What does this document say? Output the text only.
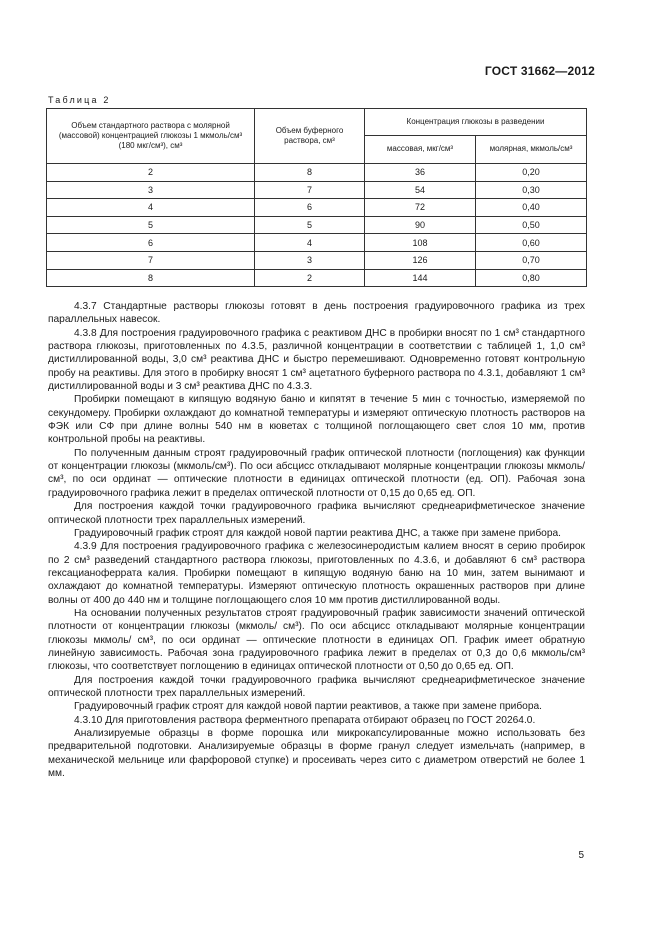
ГОСТ 31662—2012
Таблица 2
Объем стандартного раствора с молярной (массовой) концентрацией глюкозы 1 мкмоль/см³ (180 мкг/см³), см³	Объем буферного раствора, см³	Концентрация глюкозы в разведении	
		массовая, мкг/см³	молярная, мкмоль/см³
2	8	36	0,20
3	7	54	0,30
4	6	72	0,40
5	5	90	0,50
6	4	108	0,60
7	3	126	0,70
8	2	144	0,80

4.3.7 Стандартные растворы глюкозы готовят в день построения градуировочного графика из трех параллельных навесок.

4.3.8 Для построения градуировочного графика с реактивом ДНС в пробирки вносят по 1 см³ стандартного раствора глюкозы, приготовленных по 4.3.5, различной концентрации в соответствии с таблицей 1, 1,0 см³ дистиллированной воды, 3,0 см³ реактива ДНС и быстро перемешивают. Одновременно готовят контрольную пробу на реактивы. Для этого в пробирку вносят 1 см³ ацетатного буферного раствора по 4.3.1, добавляют 1 см³ дистиллированной воды и 3 см³ реактива ДНС по 4.3.3.

Пробирки помещают в кипящую водяную баню и кипятят в течение 5 мин с точностью, измеряемой по секундомеру. Пробирки охлаждают до комнатной температуры и измеряют оптическую плотность растворов на ФЭК или СФ при длине волны 540 нм в кюветах с толщиной поглощающего свет слоя 10 мм, против контрольной пробы на реактивы.

По полученным данным строят градуировочный график оптической плотности (поглощения) как функции от концентрации глюкозы (мкмоль/см³). По оси абсцисс откладывают молярные концентрации глюкозы мкмоль/см³, по оси ординат — оптические плотности в единицах оптической плотности (ед. ОП). Рабочая зона градуировочного графика лежит в пределах оптической плотности от 0,15 до 0,65 ед. ОП.

Для построения каждой точки градуировочного графика вычисляют среднеарифметическое значение оптической плотности трех параллельных измерений.

Градуировочный график строят для каждой новой партии реактива ДНС, а также при замене прибора.

4.3.9 Для построения градуировочного графика с железосинеродистым калием вносят в серию пробирок по 2 см³ разведений стандартного раствора глюкозы, приготовленных по 4.3.6, и добавляют 6 см³ раствора гексацианоферрата калия. Пробирки помещают в кипящую водяную баню на 10 мин, затем вынимают и охлаждают до комнатной температуры. Измеряют оптическую плотность окрашенных растворов при длине волны от 400 до 440 нм и толщине поглощающего слоя 10 мм против дистиллированной воды.

На основании полученных результатов строят градуировочный график зависимости значений оптической плотности от концентрации глюкозы (мкмоль/ см³). По оси абсцисс откладывают молярные концентрации глюкозы мкмоль/ см³, по оси ординат — оптические плотности в единицах ОП. График имеет обратную линейную зависимость. Рабочая зона градуировочного графика лежит в пределах от 0,3 до 0,6 мкмоль/см³ глюкозы, что соответствует поглощению в единицах оптической плотности от 0,50 до 0,65 ед. ОП.

Для построения каждой точки градуировочного графика вычисляют среднеарифметическое значение оптической плотности трех параллельных измерений.

Градуировочный график строят для каждой новой партии реактивов, а также при замене прибора.

4.3.10 Для приготовления раствора ферментного препарата отбирают образец по ГОСТ 20264.0.

Анализируемые образцы в форме порошка или микрокапсулированные можно использовать без предварительной подготовки. Анализируемые образцы в форме гранул следует измельчать (например, в механической мельнице или фарфоровой ступке) и просеивать через сито с диаметром отверстий не более 1 мм.

5
